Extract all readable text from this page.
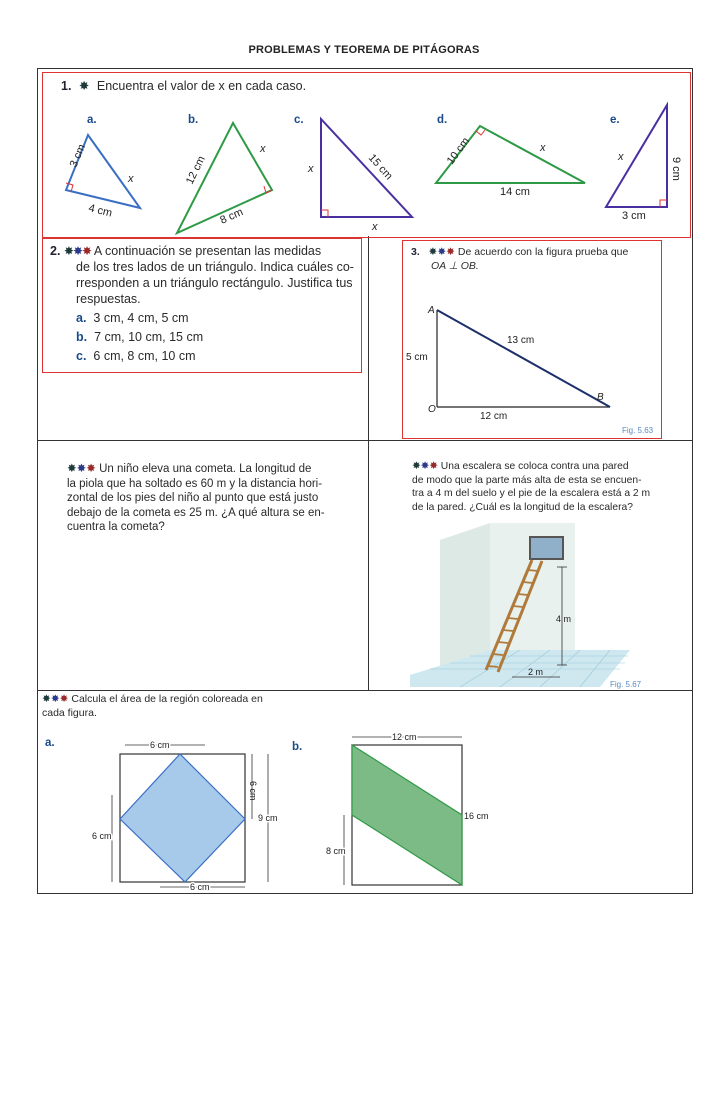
PROBLEMAS Y TEOREMA DE PITÁGORAS
1. ✸ Encuentra el valor de x en cada caso.
a.	b.	c.	d.	e.
3 cm
4 cm
x	12 cm
8 cm
x
x
x
15 cm
10 cm
14 cm
x
9 cm
3 cm
x
2. ✸✸✸ A continuación se presentan las medidas
de los tres lados de un triángulo. Indica cuáles co-
rresponden a un triángulo rectángulo. Justifica tus
respuestas.
a. 3 cm, 4 cm, 5 cm
b. 7 cm, 10 cm, 15 cm
c. 6 cm, 8 cm, 10 cm
3. ✸✸✸ De acuerdo con la figura prueba que
OA ⊥ OB.
A
O
B
5 cm
13 cm
12 cm
Fig. 5.63
✸✸✸ Un niño eleva una cometa. La longitud de
la piola que ha soltado es 60 m y la distancia hori-
zontal de los pies del niño al punto que está justo
debajo de la cometa es 25 m. ¿A qué altura se en-
cuentra la cometa?
✸✸✸ Una escalera se coloca contra una pared
de modo que la parte más alta de esta se encuen-
tra a 4 m del suelo y el pie de la escalera está a 2 m
de la pared. ¿Cuál es la longitud de la escalera?
4 m
2 m
Fig. 5.67
✸✸✸ Calcula el área de la región coloreada en
cada figura.
a.	b.
6 cm
6 cm
9 cm
6 cm
6 cm
12 cm
16 cm
8 cm
